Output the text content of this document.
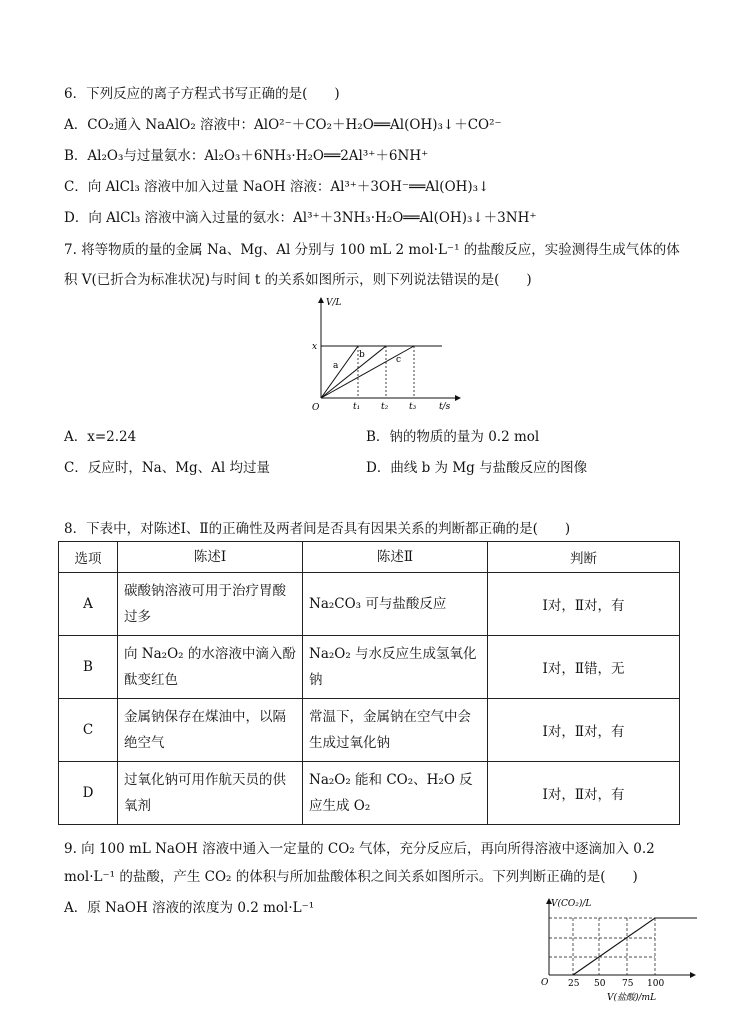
6．下列反应的离子方程式书写正确的是(　　)
A．CO₂通入 NaAlO₂ 溶液中：AlO²⁻＋CO₂＋H₂O══Al(OH)₃↓＋CO²⁻
B．Al₂O₃与过量氨水：Al₂O₃＋6NH₃·H₂O══2Al³⁺＋6NH⁺
C．向 AlCl₃ 溶液中加入过量 NaOH 溶液：Al³⁺＋3OH⁻══Al(OH)₃↓
D．向 AlCl₃ 溶液中滴入过量的氨水：Al³⁺＋3NH₃·H₂O══Al(OH)₃↓＋3NH⁺
7. 将等物质的量的金属 Na、Mg、Al 分别与 100 mL 2 mol·L⁻¹ 的盐酸反应，实验测得生成气体的体
积 V(已折合为标准状况)与时间 t 的关系如图所示，则下列说法错误的是(　　)
V/L
t/s
O
x
a
b	c
t₁ t₂ t₃
A．x=2.24	B．钠的物质的量为 0.2 mol
C．反应时，Na、Mg、Al 均过量	D．曲线 b 为 Mg 与盐酸反应的图像
8．下表中，对陈述Ⅰ、Ⅱ的正确性及两者间是否具有因果关系的判断都正确的是(　　)
选项	陈述Ⅰ	陈述Ⅱ	判断
A	碳酸钠溶液可用于治疗胃酸过多	Na₂CO₃ 可与盐酸反应	Ⅰ对，Ⅱ对，有
B	向 Na₂O₂ 的水溶液中滴入酚酞变红色	Na₂O₂ 与水反应生成氢氧化钠	Ⅰ对，Ⅱ错，无
C	金属钠保存在煤油中，以隔绝空气	常温下，金属钠在空气中会生成过氧化钠	Ⅰ对，Ⅱ对，有
D	过氧化钠可用作航天员的供氧剂	Na₂O₂ 能和 CO₂、H₂O 反应生成 O₂	Ⅰ对，Ⅱ对，有
9. 向 100 mL NaOH 溶液中通入一定量的 CO₂ 气体，充分反应后，再向所得溶液中逐滴加入 0.2
mol·L⁻¹ 的盐酸，产生 CO₂ 的体积与所加盐酸体积之间关系如图所示。下列判断正确的是(　　)
A．原 NaOH 溶液的浓度为 0.2 mol·L⁻¹	V(CO₂)/L
O 25 50 75 100
V(盐酸)/mL
